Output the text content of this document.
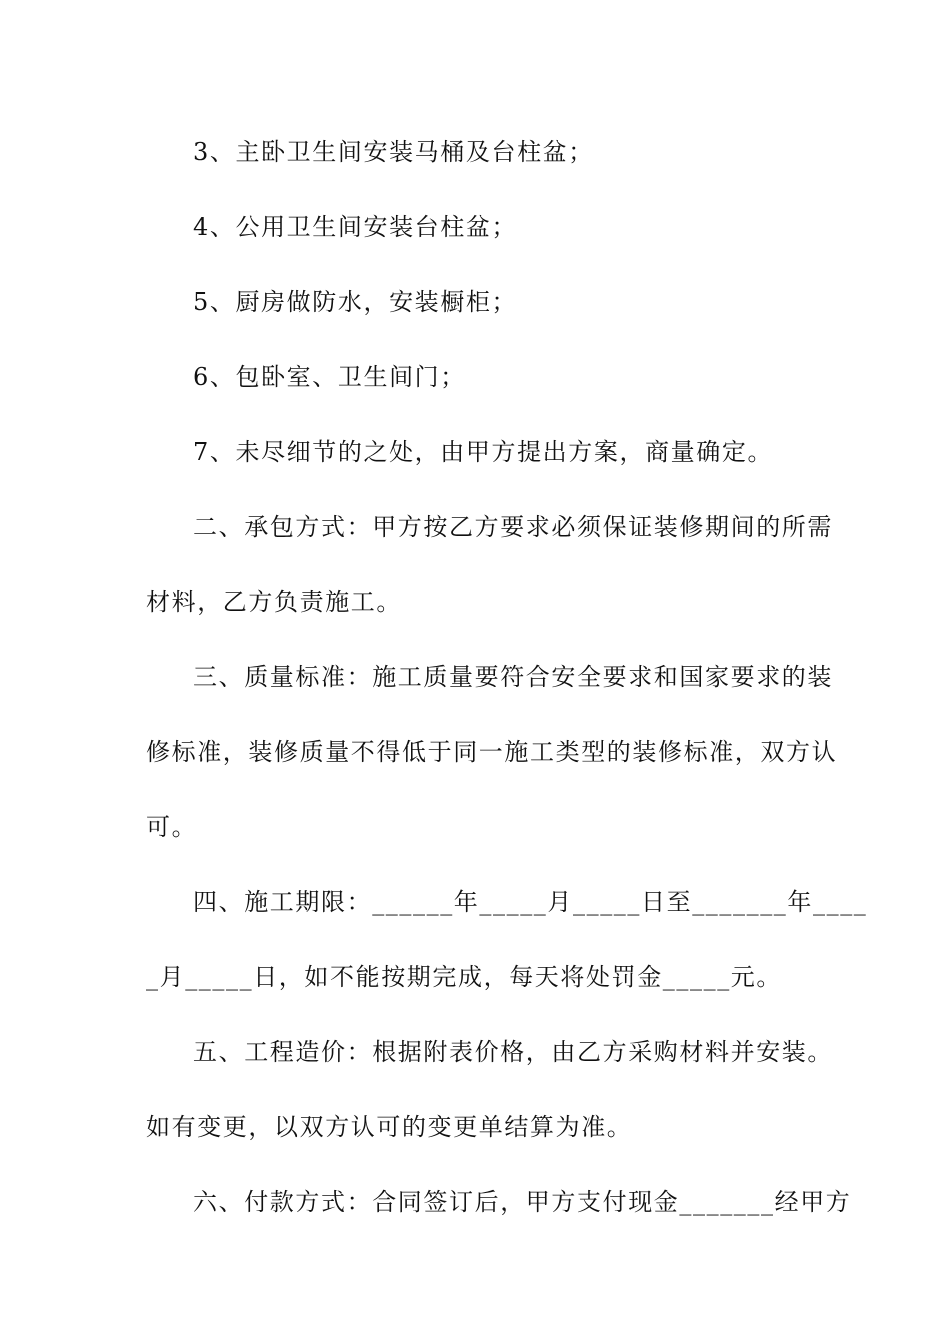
3、主卧卫生间安装马桶及台柱盆；
4、公用卫生间安装台柱盆；
5、厨房做防水，安装橱柜；
6、包卧室、卫生间门；
7、未尽细节的之处，由甲方提出方案，商量确定。
二、承包方式：甲方按乙方要求必须保证装修期间的所需
材料，乙方负责施工。
三、质量标准：施工质量要符合安全要求和国家要求的装
修标准，装修质量不得低于同一施工类型的装修标准，双方认
可。
四、施工期限：______年_____月_____日至_______年____
_月_____日，如不能按期完成，每天将处罚金_____元。
五、工程造价：根据附表价格，由乙方采购材料并安装。
如有变更，以双方认可的变更单结算为准。
六、付款方式：合同签订后，甲方支付现金_______经甲方
